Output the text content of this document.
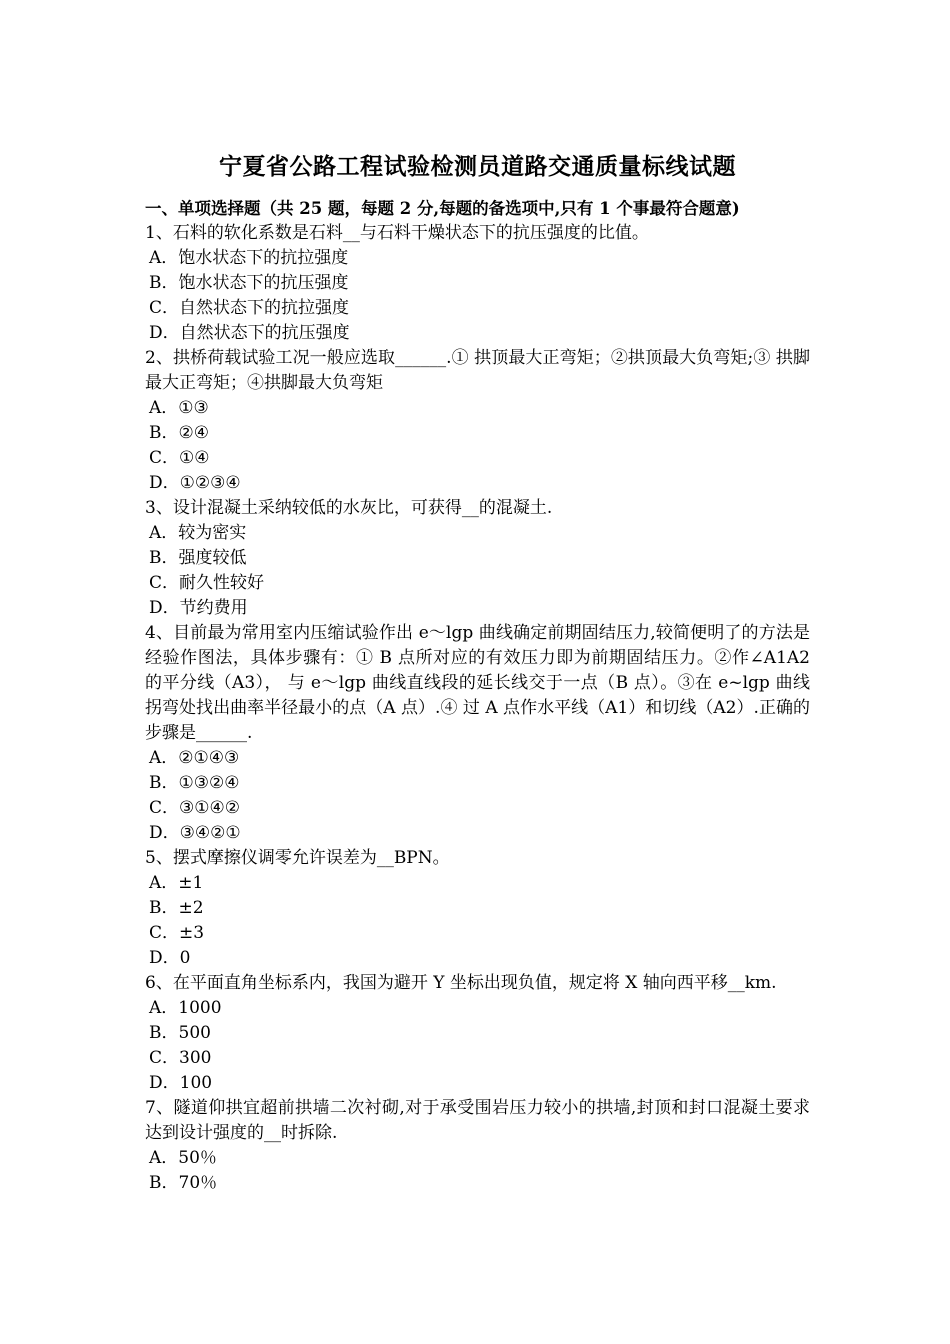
宁夏省公路工程试验检测员道路交通质量标线试题
一、单项选择题（共 25 题，每题 2 分,每题的备选项中,只有 1 个事最符合题意)
1、石料的软化系数是石料__与石料干燥状态下的抗压强度的比值。
A．饱水状态下的抗拉强度
B．饱水状态下的抗压强度
C．自然状态下的抗拉强度
D．自然状态下的抗压强度
2、拱桥荷载试验工况一般应选取______.① 拱顶最大正弯矩；②拱顶最大负弯矩;③ 拱脚最大正弯矩；④拱脚最大负弯矩
A．①③
B．②④
C．①④
D．①②③④
3、设计混凝土采纳较低的水灰比，可获得__的混凝土.
A．较为密实
B．强度较低
C．耐久性较好
D．节约费用
4、目前最为常用室内压缩试验作出 e～lgp 曲线确定前期固结压力,较简便明了的方法是经验作图法，具体步骤有：① B 点所对应的有效压力即为前期固结压力。②作∠A1A2 的平分线（A3）， 与 e～lgp 曲线直线段的延长线交于一点（B 点）。③在 e~lgp 曲线拐弯处找出曲率半径最小的点（A 点）.④ 过 A 点作水平线（A1）和切线（A2）.正确的步骤是______.
A．②①④③
B．①③②④
C．③①④②
D．③④②①
5、摆式摩擦仪调零允许误差为__BPN。
A．±1
B．±2
C．±3
D．0
6、在平面直角坐标系内，我国为避开 Y 坐标出现负值，规定将 X 轴向西平移__km.
A．1000
B．500
C．300
D．100
7、隧道仰拱宜超前拱墙二次衬砌,对于承受围岩压力较小的拱墙,封顶和封口混凝土要求达到设计强度的__时拆除.
A．50％
B．70％
